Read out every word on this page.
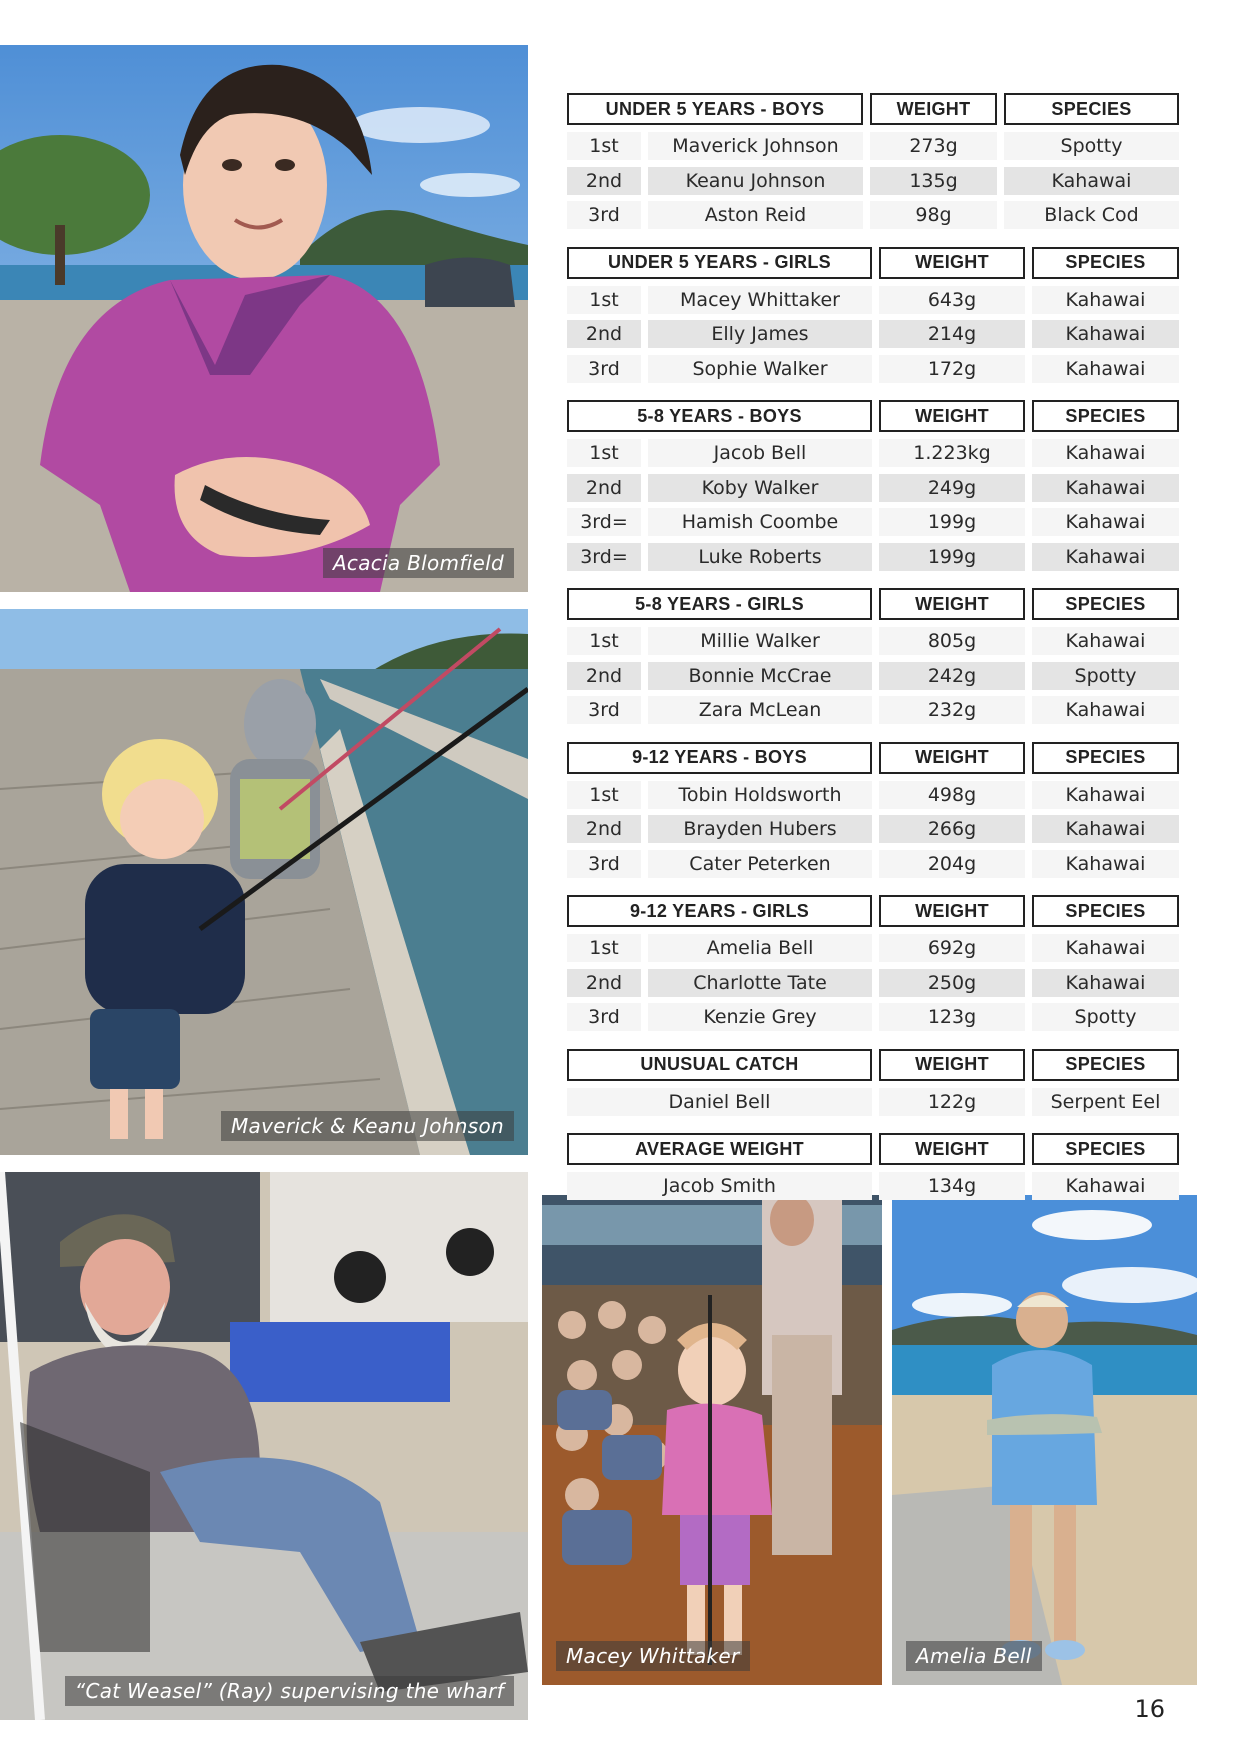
Acacia Blomfield
Maverick & Keanu Johnson
“Cat Weasel” (Ray) supervising the wharf
Macey Whittaker	Amelia Bell
UNDER 5 YEARS - BOYS	WEIGHT	SPECIES
1st	Maverick Johnson	273g	Spotty
2nd	Keanu Johnson	135g	Kahawai
3rd	Aston Reid	98g	Black Cod
UNDER 5 YEARS - GIRLS	WEIGHT	SPECIES
1st	Macey Whittaker	643g	Kahawai
2nd	Elly James	214g	Kahawai
3rd	Sophie Walker	172g	Kahawai
5-8 YEARS - BOYS	WEIGHT	SPECIES
1st	Jacob Bell	1.223kg	Kahawai
2nd	Koby Walker	249g	Kahawai
3rd=	Hamish Coombe	199g	Kahawai
3rd=	Luke Roberts	199g	Kahawai
5-8 YEARS - GIRLS	WEIGHT	SPECIES
1st	Millie Walker	805g	Kahawai
2nd	Bonnie McCrae	242g	Spotty
3rd	Zara McLean	232g	Kahawai
9-12 YEARS - BOYS	WEIGHT	SPECIES
1st	Tobin Holdsworth	498g	Kahawai
2nd	Brayden Hubers	266g	Kahawai
3rd	Cater Peterken	204g	Kahawai
9-12 YEARS - GIRLS	WEIGHT	SPECIES
1st	Amelia Bell	692g	Kahawai
2nd	Charlotte Tate	250g	Kahawai
3rd	Kenzie Grey	123g	Spotty
UNUSUAL CATCH	WEIGHT	SPECIES
Daniel Bell	122g	Serpent Eel
AVERAGE WEIGHT	WEIGHT	SPECIES
Jacob Smith	134g	Kahawai
16
